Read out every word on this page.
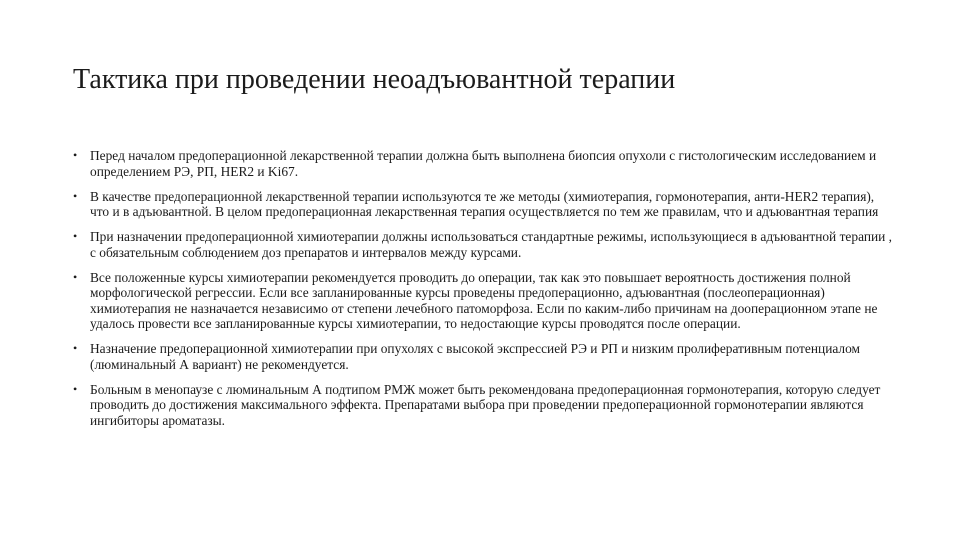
Тактика при проведении неоадъювантной терапии
• Перед началом предоперационной лекарственной терапии должна быть выполнена биопсия опухоли с гистологическим исследованием и определением РЭ, РП, HER2 и Ki67.
• В качестве предоперационной лекарственной терапии используются те же методы (химиотерапия, гормонотерапия, анти-HER2 терапия), что и в адъювантной. В целом предоперационная лекарственная терапия осуществляется по тем же правилам, что и адъювантная терапия
• При назначении предоперационной химиотерапии должны использоваться стандартные режимы, использующиеся в адъювантной терапии , с обязательным соблюдением доз препаратов и интервалов между курсами.
• Все положенные курсы химиотерапии рекомендуется проводить до операции, так как это повышает вероятность достижения полной морфологической регрессии. Если все запланированные курсы проведены предоперационно, адъювантная (послеоперационная) химиотерапия не назначается независимо от степени лечебного патоморфоза. Если по каким-либо причинам на дооперационном этапе не удалось провести все запланированные курсы химиотерапии, то недостающие курсы проводятся после операции.
• Назначение предоперационной химиотерапии при опухолях с высокой экспрессией РЭ и РП и низким пролиферативным потенциалом (люминальный А вариант) не рекомендуется.
• Больным в менопаузе с люминальным А подтипом РМЖ может быть рекомендована предоперационная гормонотерапия, которую следует проводить до достижения максимального эффекта. Препаратами выбора при проведении предоперационной гормонотерапии являются ингибиторы ароматазы.
